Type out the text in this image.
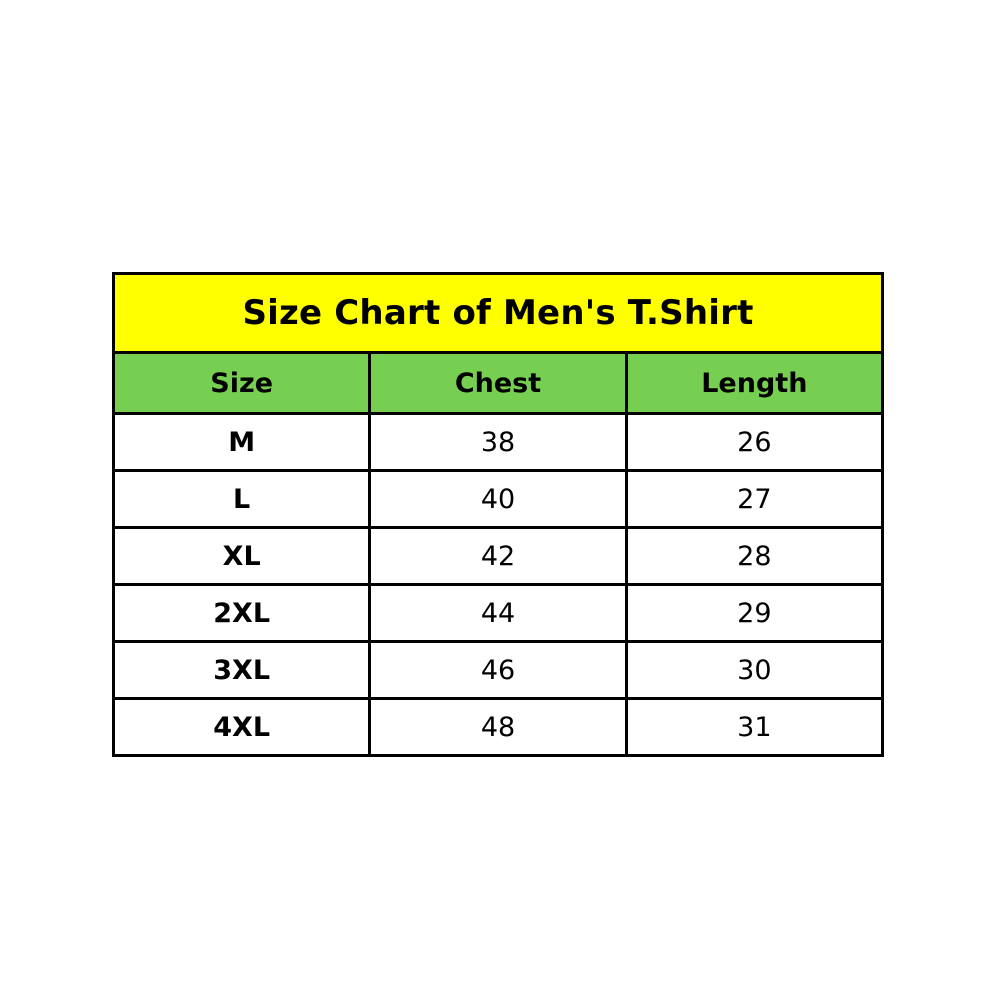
Size Chart of Men's T.Shirt		
Size	Chest	Length
M	38	26
L	40	27
XL	42	28
2XL	44	29
3XL	46	30
4XL	48	31
